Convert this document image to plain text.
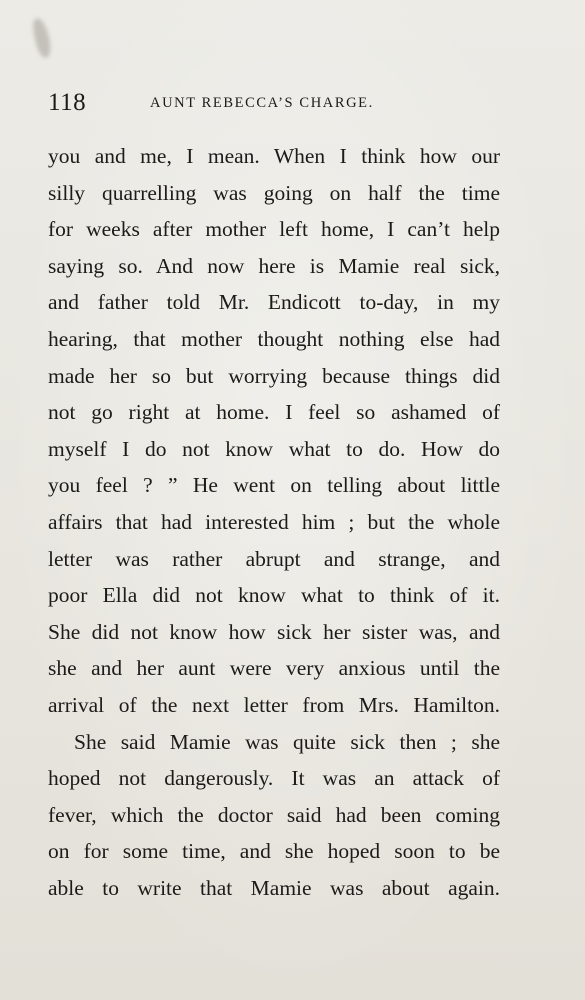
118	AUNT REBECCA’S CHARGE.
you and me, I mean. When I think how our
silly quarrelling was going on half the time
for weeks after mother left home, I can’t help
saying so. And now here is Mamie real sick,
and father told Mr. Endicott to-day, in my
hearing, that mother thought nothing else had
made her so but worrying because things did
not go right at home. I feel so ashamed of
myself I do not know what to do. How do
you feel ? ” He went on telling about little
affairs that had interested him ; but the whole
letter was rather abrupt and strange, and
poor Ella did not know what to think of it.
She did not know how sick her sister was, and
she and her aunt were very anxious until the
arrival of the next letter from Mrs. Hamilton.
She said Mamie was quite sick then ; she
hoped not dangerously. It was an attack of
fever, which the doctor said had been coming
on for some time, and she hoped soon to be
able to write that Mamie was about again.
